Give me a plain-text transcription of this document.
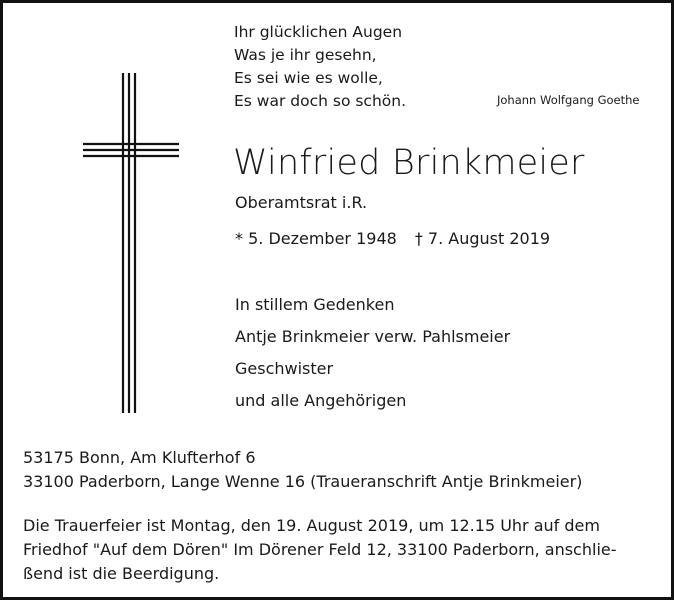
Ihr glücklichen Augen
Was je ihr gesehn,
Es sei wie es wolle,
Es war doch so schön.	Johann Wolfgang Goethe
Winfried Brinkmeier
Oberamtsrat i.R.
* 5. Dezember 1948 † 7. August 2019
In stillem Gedenken
Antje Brinkmeier verw. Pahlsmeier
Geschwister
und alle Angehörigen
53175 Bonn, Am Klufterhof 6
33100 Paderborn, Lange Wenne 16 (Traueranschrift Antje Brinkmeier)
Die Trauerfeier ist Montag, den 19. August 2019, um 12.15 Uhr auf dem
Friedhof "Auf dem Dören" Im Dörener Feld 12, 33100 Paderborn, anschlie-
ßend ist die Beerdigung.
